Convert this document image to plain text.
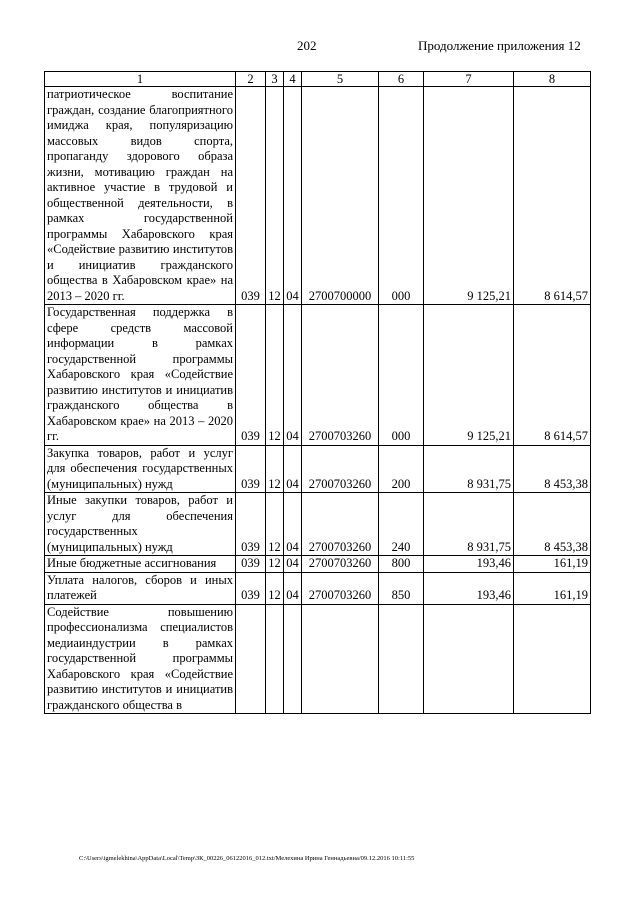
202	Продолжение приложения 12
1	2	3	4	5	6	7	8
патриотическое воспитание граждан, создание благоприятного имиджа края, популяризацию массовых видов спорта, пропаганду здорового образа жизни, мотивацию граждан на активное участие в трудовой и общественной деятельности, в рамках государственной программы Хабаровского края «Содействие развитию институтов и инициатив гражданского общества в Хабаровском крае» на 2013 – 2020 гг.	039	12	04	2700700000	000	9 125,21	8 614,57
Государственная поддержка в сфере средств массовой информации в рамках государственной программы Хабаровского края «Содействие развитию институтов и инициатив гражданского общества в Хабаровском крае» на 2013 – 2020 гг.	039	12	04	2700703260	000	9 125,21	8 614,57
Закупка товаров, работ и услуг для обеспечения государственных (муниципальных) нужд	039	12	04	2700703260	200	8 931,75	8 453,38
Иные закупки товаров, работ и услуг для обеспечения государственных (муниципальных) нужд	039	12	04	2700703260	240	8 931,75	8 453,38
Иные бюджетные ассигнования	039	12	04	2700703260	800	193,46	161,19
Уплата налогов, сборов и иных платежей	039	12	04	2700703260	850	193,46	161,19
Содействие повышению профессионализма специалистов медиаиндустрии в рамках государственной программы Хабаровского края «Содействие развитию институтов и инициатив гражданского общества в							
C:\Users\igmelekhina\AppData\Local\Temp\ЗК_00226_06122016_012.txt/Мелехина Ирина Геннадьевна/09.12.2016 10:11:55
